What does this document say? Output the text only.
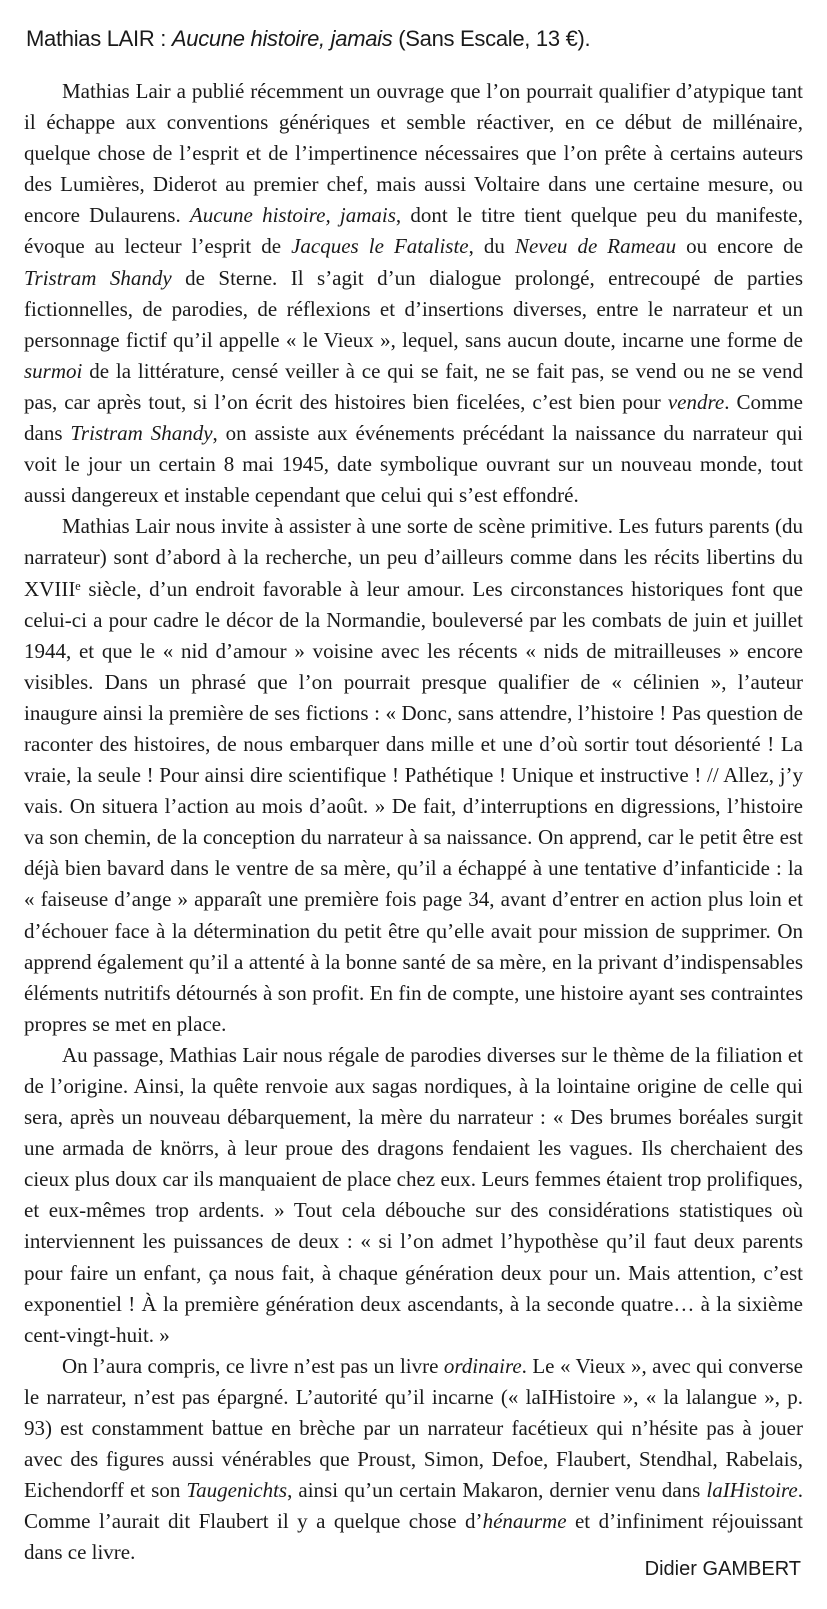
Mathias LAIR : Aucune histoire, jamais (Sans Escale, 13 €).

Mathias Lair a publié récemment un ouvrage que l’on pourrait qualifier d’atypique tant il échappe aux conventions génériques et semble réactiver, en ce début de millénaire, quelque chose de l’esprit et de l’impertinence nécessaires que l’on prête à certains auteurs des Lumières, Diderot au premier chef, mais aussi Voltaire dans une certaine mesure, ou encore Dulaurens. Aucune histoire, jamais, dont le titre tient quelque peu du manifeste, évoque au lecteur l’esprit de Jacques le Fataliste, du Neveu de Rameau ou encore de Tristram Shandy de Sterne. Il s’agit d’un dialogue prolongé, entrecoupé de parties fictionnelles, de parodies, de réflexions et d’insertions diverses, entre le narrateur et un personnage fictif qu’il appelle « le Vieux », lequel, sans aucun doute, incarne une forme de surmoi de la littérature, censé veiller à ce qui se fait, ne se fait pas, se vend ou ne se vend pas, car après tout, si l’on écrit des histoires bien ficelées, c’est bien pour vendre. Comme dans Tristram Shandy, on assiste aux événements précédant la naissance du narrateur qui voit le jour un certain 8 mai 1945, date symbolique ouvrant sur un nouveau monde, tout aussi dangereux et instable cependant que celui qui s’est effondré.

Mathias Lair nous invite à assister à une sorte de scène primitive. Les futurs parents (du narrateur) sont d’abord à la recherche, un peu d’ailleurs comme dans les récits libertins du XVIIIᵉ siècle, d’un endroit favorable à leur amour. Les circonstances historiques font que celui-ci a pour cadre le décor de la Normandie, bouleversé par les combats de juin et juillet 1944, et que le « nid d’amour » voisine avec les récents « nids de mitrailleuses » encore visibles. Dans un phrasé que l’on pourrait presque qualifier de « célinien », l’auteur inaugure ainsi la première de ses fictions : « Donc, sans attendre, l’histoire ! Pas question de raconter des histoires, de nous embarquer dans mille et une d’où sortir tout désorienté ! La vraie, la seule ! Pour ainsi dire scientifique ! Pathétique ! Unique et instructive ! // Allez, j’y vais. On situera l’action au mois d’août. » De fait, d’interruptions en digressions, l’histoire va son chemin, de la conception du narrateur à sa naissance. On apprend, car le petit être est déjà bien bavard dans le ventre de sa mère, qu’il a échappé à une tentative d’infanticide : la « faiseuse d’ange » apparaît une première fois page 34, avant d’entrer en action plus loin et d’échouer face à la détermination du petit être qu’elle avait pour mission de supprimer. On apprend également qu’il a attenté à la bonne santé de sa mère, en la privant d’indispensables éléments nutritifs détournés à son profit. En fin de compte, une histoire ayant ses contraintes propres se met en place.

Au passage, Mathias Lair nous régale de parodies diverses sur le thème de la filiation et de l’origine. Ainsi, la quête renvoie aux sagas nordiques, à la lointaine origine de celle qui sera, après un nouveau débarquement, la mère du narrateur : « Des brumes boréales surgit une armada de knörrs, à leur proue des dragons fendaient les vagues. Ils cherchaient des cieux plus doux car ils manquaient de place chez eux. Leurs femmes étaient trop prolifiques, et eux-mêmes trop ardents. » Tout cela débouche sur des considérations statistiques où interviennent les puissances de deux : « si l’on admet l’hypothèse qu’il faut deux parents pour faire un enfant, ça nous fait, à chaque génération deux pour un. Mais attention, c’est exponentiel ! À la première génération deux ascendants, à la seconde quatre… à la sixième cent-vingt-huit. »

On l’aura compris, ce livre n’est pas un livre ordinaire. Le « Vieux », avec qui converse le narrateur, n’est pas épargné. L’autorité qu’il incarne (« laIHistoire », « la lalangue », p. 93) est constamment battue en brèche par un narrateur facétieux qui n’hésite pas à jouer avec des figures aussi vénérables que Proust, Simon, Defoe, Flaubert, Stendhal, Rabelais, Eichendorff et son Taugenichts, ainsi qu’un certain Makaron, dernier venu dans laIHistoire. Comme l’aurait dit Flaubert il y a quelque chose d’hénaurme et d’infiniment réjouissant dans ce livre.

Didier GAMBERT
